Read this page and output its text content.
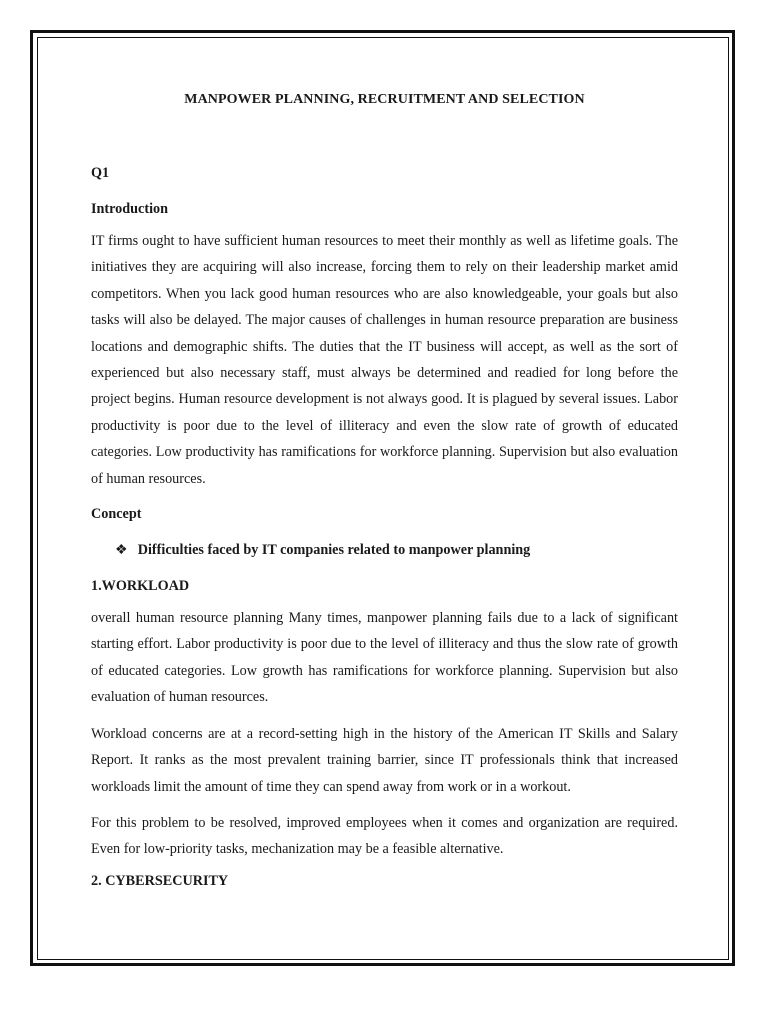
MANPOWER PLANNING, RECRUITMENT AND SELECTION
Q1
Introduction

IT firms ought to have sufficient human resources to meet their monthly as well as lifetime goals. The initiatives they are acquiring will also increase, forcing them to rely on their leadership market amid competitors. When you lack good human resources who are also knowledgeable, your goals but also tasks will also be delayed. The major causes of challenges in human resource preparation are business locations and demographic shifts. The duties that the IT business will accept, as well as the sort of experienced but also necessary staff, must always be determined and readied for long before the project begins. Human resource development is not always good. It is plagued by several issues. Labor productivity is poor due to the level of illiteracy and even the slow rate of growth of educated categories. Low productivity has ramifications for workforce planning. Supervision but also evaluation of human resources.

Concept
❖ Difficulties faced by IT companies related to manpower planning
1.WORKLOAD

overall human resource planning Many times, manpower planning fails due to a lack of significant starting effort. Labor productivity is poor due to the level of illiteracy and thus the slow rate of growth of educated categories. Low growth has ramifications for workforce planning. Supervision but also evaluation of human resources.

Workload concerns are at a record-setting high in the history of the American IT Skills and Salary Report. It ranks as the most prevalent training barrier, since IT professionals think that increased workloads limit the amount of time they can spend away from work or in a workout.

For this problem to be resolved, improved employees when it comes and organization are required. Even for low-priority tasks, mechanization may be a feasible alternative.

2. CYBERSECURITY
